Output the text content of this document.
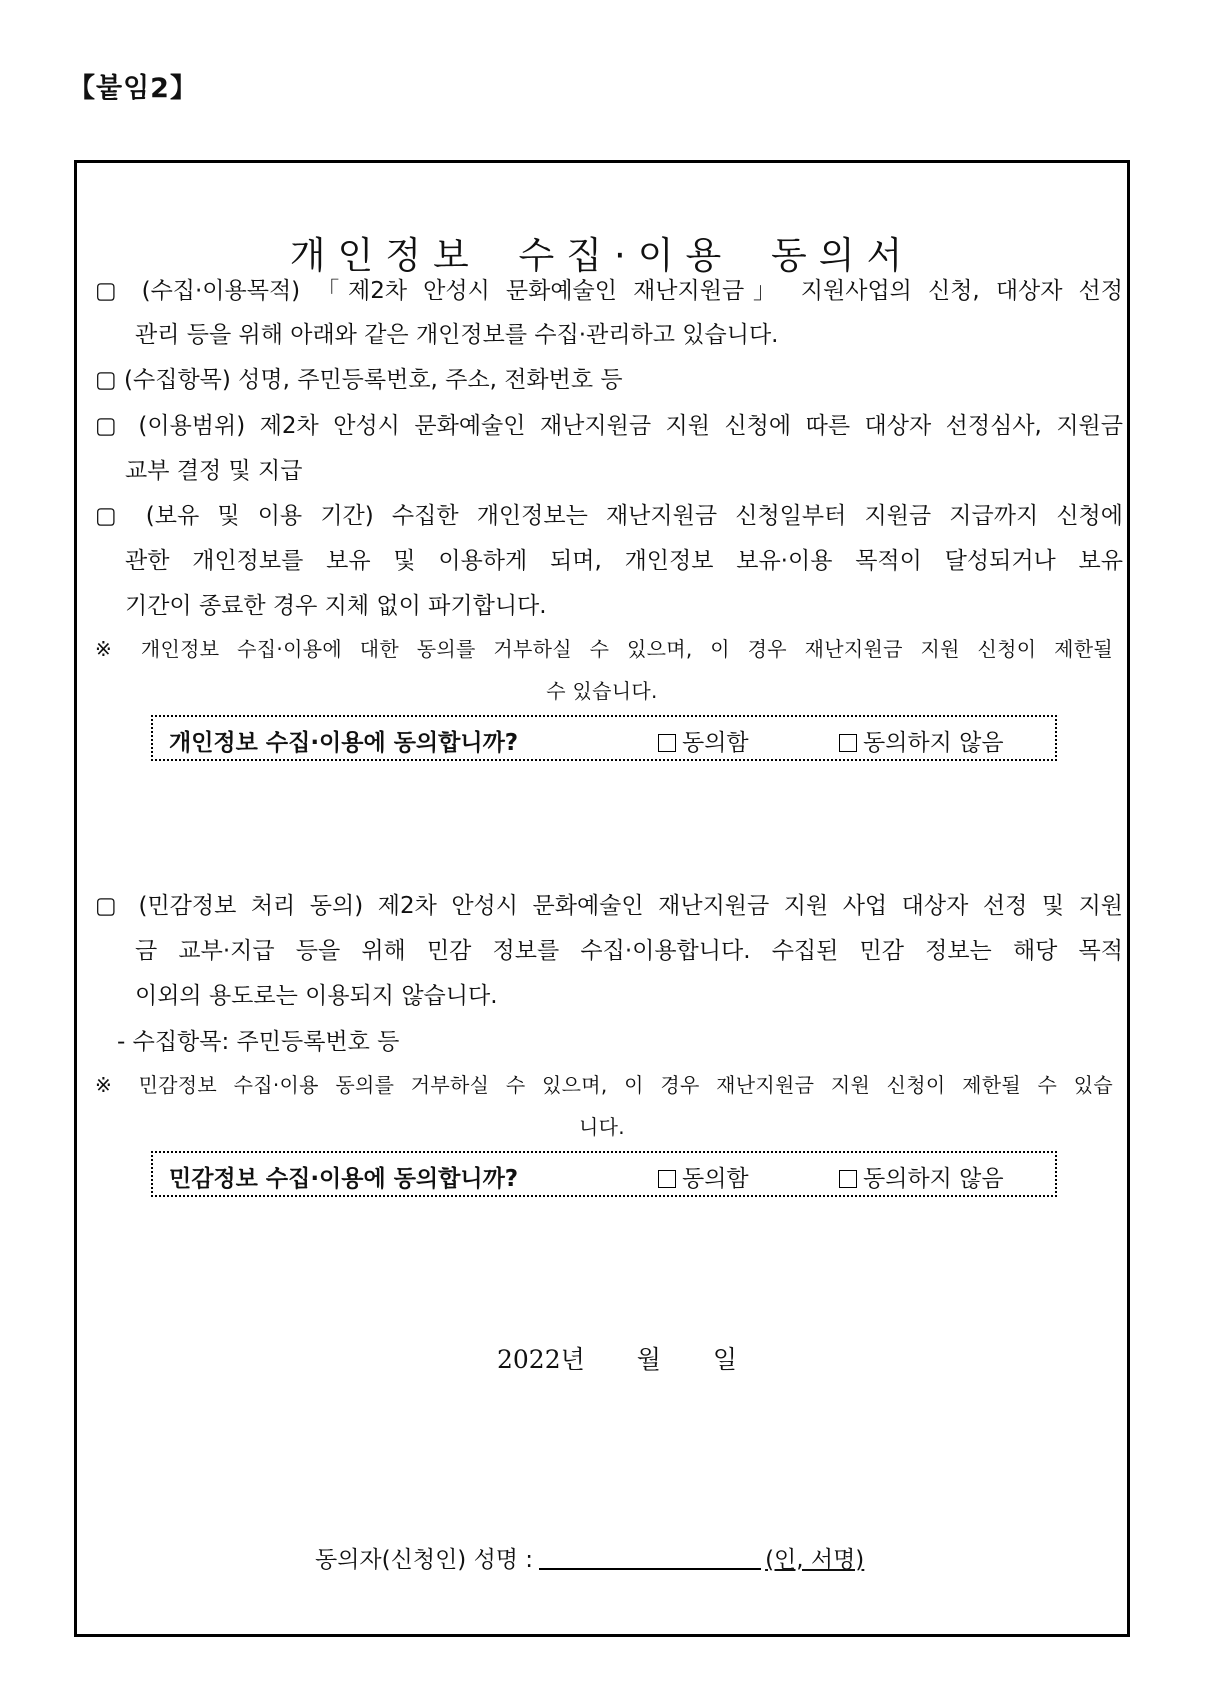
【붙임2】
개인정보 수집·이용 동의서
▢ (수집·이용목적) 「제2차 안성시 문화예술인 재난지원금」 지원사업의 신청, 대상자 선정
관리 등을 위해 아래와 같은 개인정보를 수집·관리하고 있습니다.
▢ (수집항목) 성명, 주민등록번호, 주소, 전화번호 등
▢ (이용범위) 제2차 안성시 문화예술인 재난지원금 지원 신청에 따른 대상자 선정심사, 지원금
교부 결정 및 지급
▢ (보유 및 이용 기간) 수집한 개인정보는 재난지원금 신청일부터 지원금 지급까지 신청에
관한 개인정보를 보유 및 이용하게 되며, 개인정보 보유·이용 목적이 달성되거나 보유
기간이 종료한 경우 지체 없이 파기합니다.
※ 개인정보 수집·이용에 대한 동의를 거부하실 수 있으며, 이 경우 재난지원금 지원 신청이 제한될
수 있습니다.
개인정보 수집·이용에 동의합니까?	동의함	동의하지 않음
▢ (민감정보 처리 동의) 제2차 안성시 문화예술인 재난지원금 지원 사업 대상자 선정 및 지원
금 교부·지급 등을 위해 민감 정보를 수집·이용합니다. 수집된 민감 정보는 해당 목적
이외의 용도로는 이용되지 않습니다.
- 수집항목: 주민등록번호 등
※ 민감정보 수집·이용 동의를 거부하실 수 있으며, 이 경우 재난지원금 지원 신청이 제한될 수 있습
니다.
민감정보 수집·이용에 동의합니까?	동의함	동의하지 않음
2022년 월 일
동의자(신청인) 성명 :	(인, 서명)
